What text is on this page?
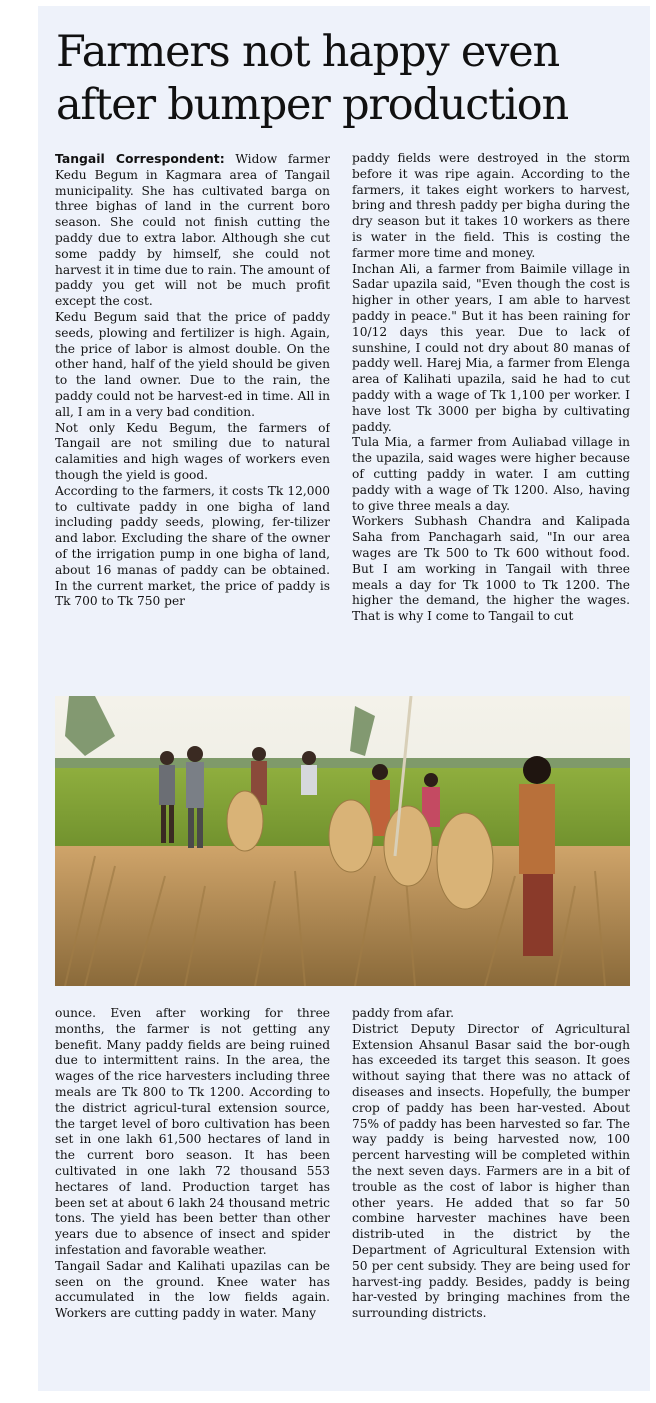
Farmers not happy even after bumper production

Tangail Correspondent: Widow farmer Kedu Begum in Kagmara area of Tangail municipality. She has cultivated barga on three bighas of land in the current boro season. She could not finish cutting the paddy due to extra labor. Although she cut some paddy by himself, she could not harvest it in time due to rain. The amount of paddy you get will not be much profit except the cost.

Kedu Begum said that the price of paddy seeds, plowing and fertilizer is high. Again, the price of labor is almost double. On the other hand, half of the yield should be given to the land owner. Due to the rain, the paddy could not be harvest-ed in time. All in all, I am in a very bad condition.

Not only Kedu Begum, the farmers of Tangail are not smiling due to natural calamities and high wages of workers even though the yield is good.

According to the farmers, it costs Tk 12,000 to cultivate paddy in one bigha of land including paddy seeds, plowing, fer-tilizer and labor. Excluding the share of the owner of the irrigation pump in one bigha of land, about 16 manas of paddy can be obtained. In the current market, the price of paddy is Tk 700 to Tk 750 per

paddy fields were destroyed in the storm before it was ripe again. According to the farmers, it takes eight workers to harvest, bring and thresh paddy per bigha during the dry season but it takes 10 workers as there is water in the field. This is costing the farmer more time and money.

Inchan Ali, a farmer from Baimile village in Sadar upazila said, "Even though the cost is higher in other years, I am able to harvest paddy in peace." But it has been raining for 10/12 days this year. Due to lack of sunshine, I could not dry about 80 manas of paddy well. Harej Mia, a farmer from Elenga area of Kalihati upazila, said he had to cut paddy with a wage of Tk 1,100 per worker. I have lost Tk 3000 per bigha by cultivating paddy.

Tula Mia, a farmer from Auliabad village in the upazila, said wages were higher because of cutting paddy in water. I am cutting paddy with a wage of Tk 1200. Also, having to give three meals a day.

Workers Subhash Chandra and Kalipada Saha from Panchagarh said, "In our area wages are Tk 500 to Tk 600 without food. But I am working in Tangail with three meals a day for Tk 1000 to Tk 1200. The higher the demand, the higher the wages. That is why I come to Tangail to cut

ounce. Even after working for three months, the farmer is not getting any benefit. Many paddy fields are being ruined due to intermittent rains. In the area, the wages of the rice harvesters including three meals are Tk 800 to Tk 1200. According to the district agricul-tural extension source, the target level of boro cultivation has been set in one lakh 61,500 hectares of land in the current boro season. It has been cultivated in one lakh 72 thousand 553 hectares of land. Production target has been set at about 6 lakh 24 thousand metric tons. The yield has been better than other years due to absence of insect and spider infestation and favorable weather.

Tangail Sadar and Kalihati upazilas can be seen on the ground. Knee water has accumulated in the low fields again. Workers are cutting paddy in water. Many

paddy from afar.

District Deputy Director of Agricultural Extension Ahsanul Basar said the bor-ough has exceeded its target this season. It goes without saying that there was no attack of diseases and insects. Hopefully, the bumper crop of paddy has been har-vested. About 75% of paddy has been harvested so far. The way paddy is being harvested now, 100 percent harvesting will be completed within the next seven days. Farmers are in a bit of trouble as the cost of labor is higher than other years. He added that so far 50 combine harvester machines have been distrib-uted in the district by the Department of Agricultural Extension with 50 per cent subsidy. They are being used for harvest-ing paddy. Besides, paddy is being har-vested by bringing machines from the surrounding districts.
